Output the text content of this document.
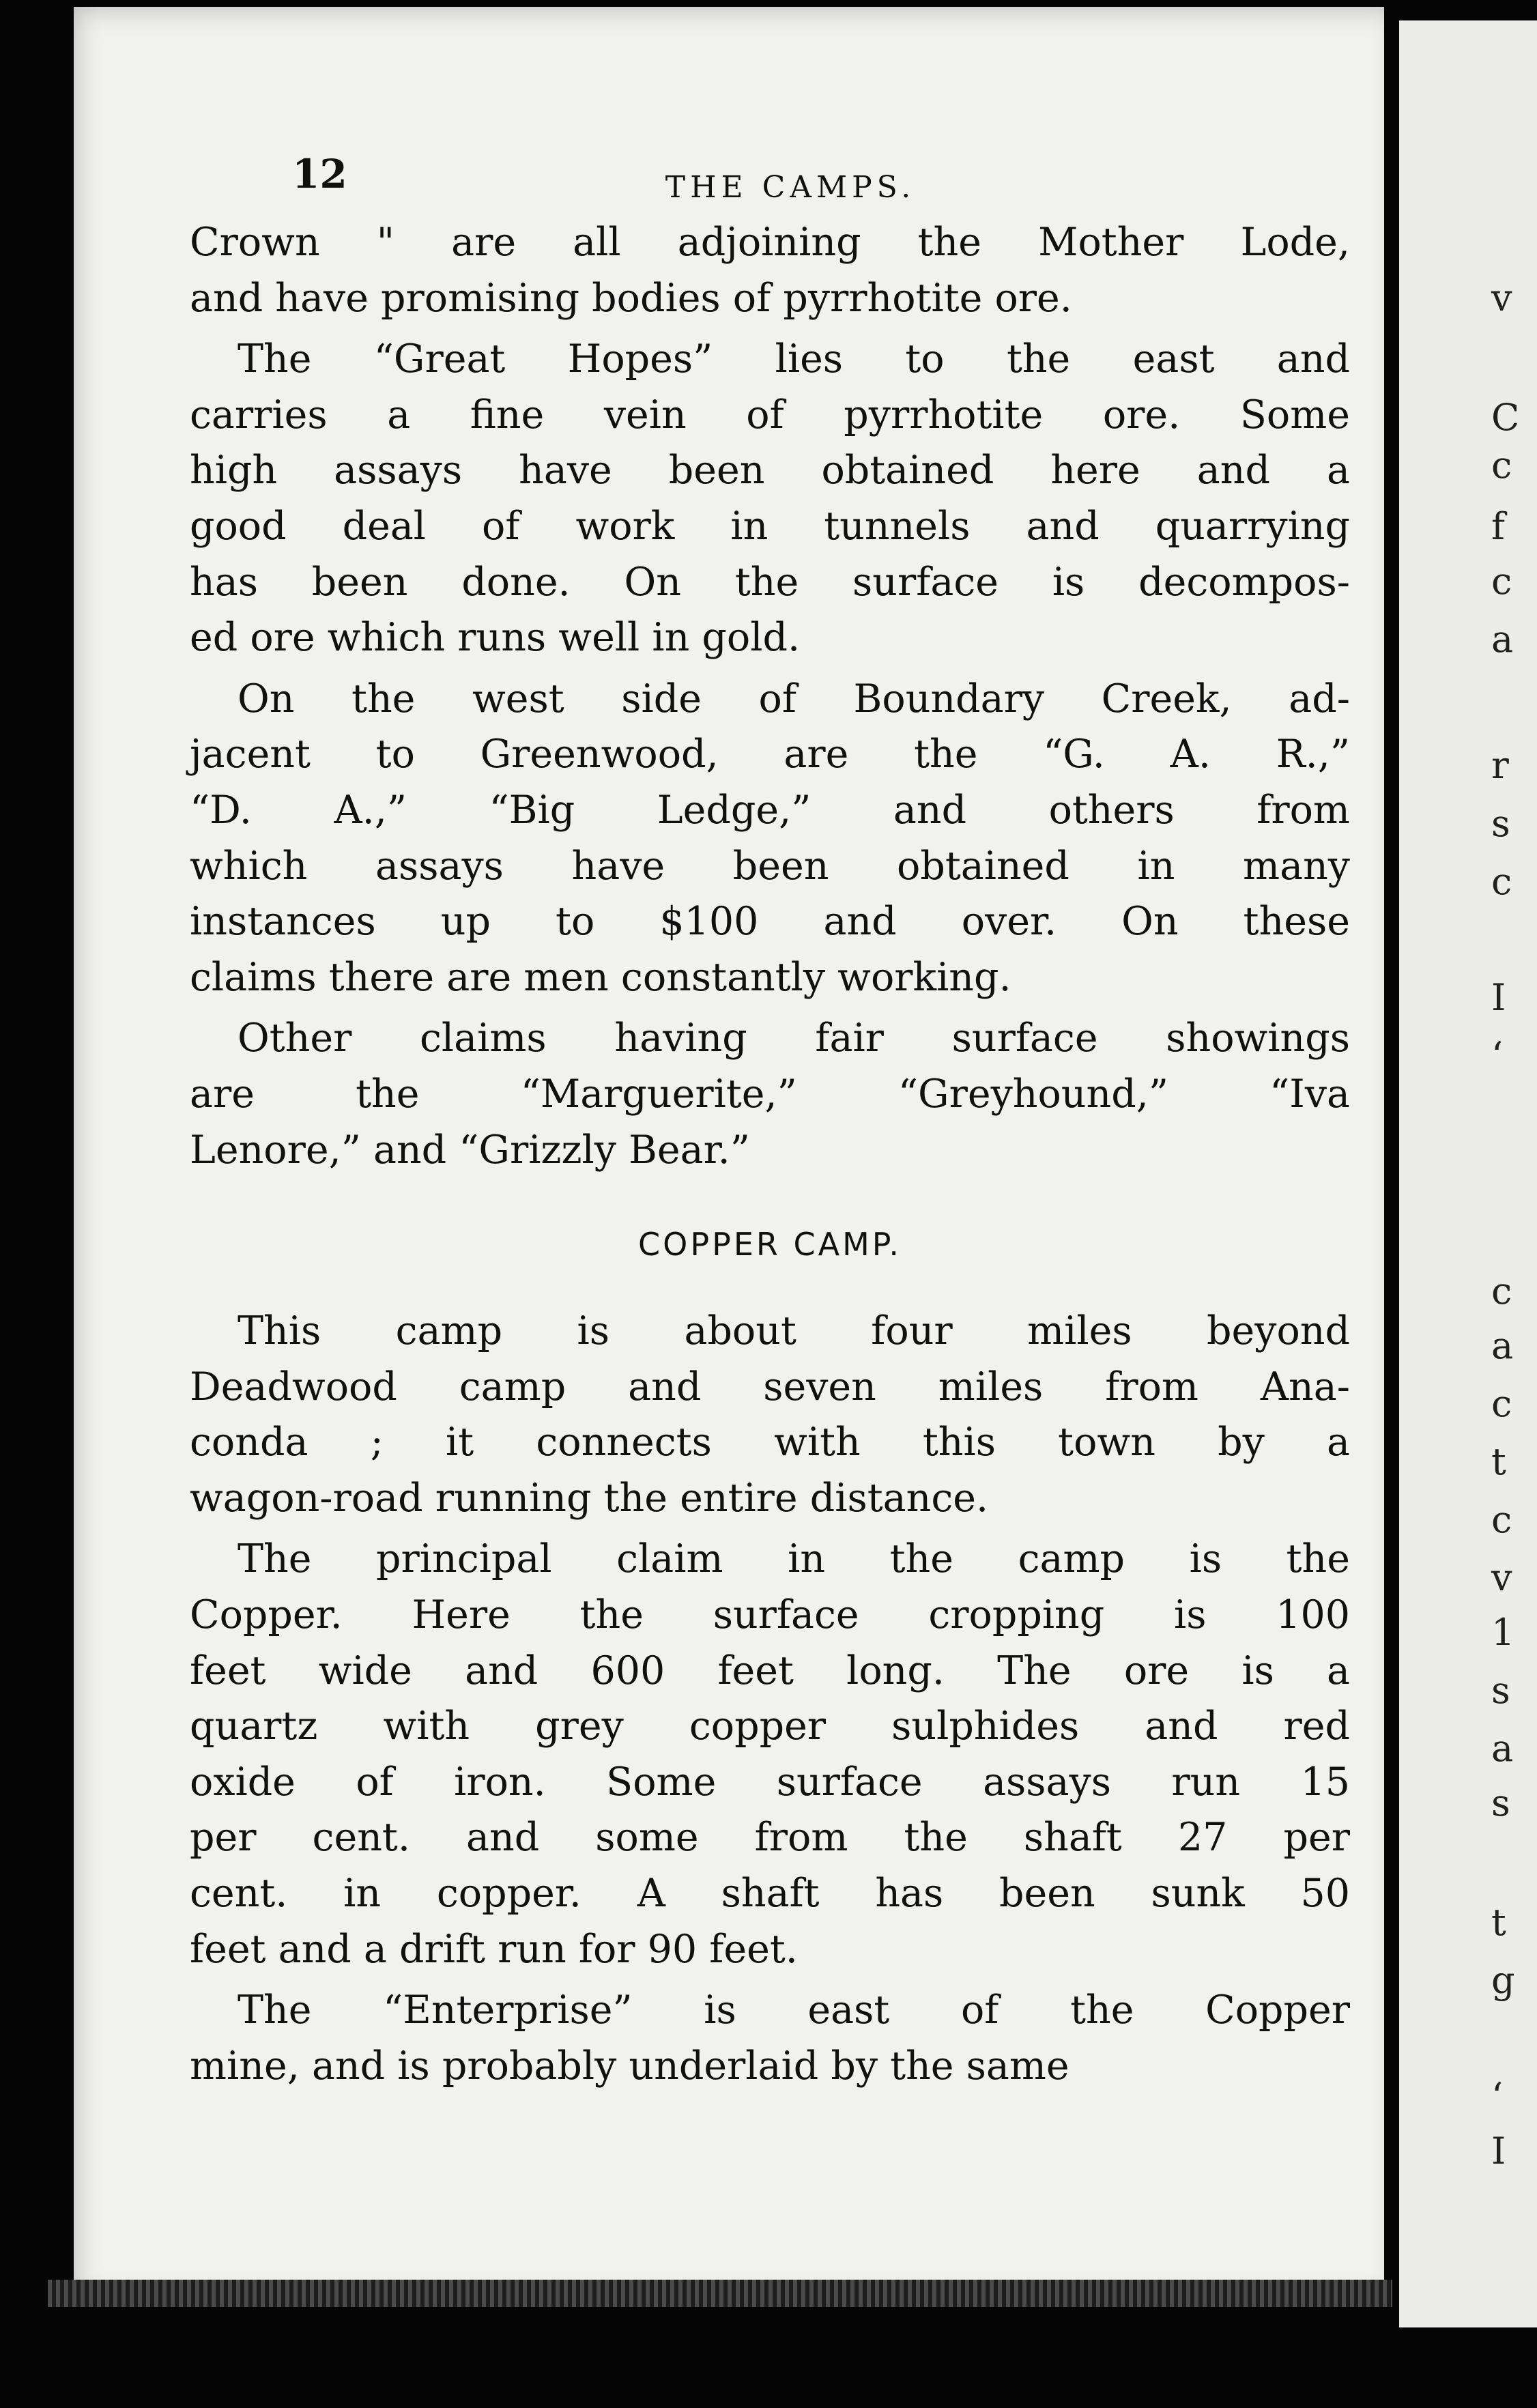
12	THE CAMPS.

Crown " are all adjoining the Mother Lode,
and have promising bodies of pyrrhotite ore.

The “Great Hopes” lies to the east and
carries a fine vein of pyrrhotite ore. Some
high assays have been obtained here and a
good deal of work in tunnels and quarrying
has been done. On the surface is decompos-
ed ore which runs well in gold.

On the west side of Boundary Creek, ad-
jacent to Greenwood, are the “G. A. R.,”
“D. A.,” “Big Ledge,” and others from
which assays have been obtained in many
instances up to $100 and over. On these
claims there are men constantly working.

Other claims having fair surface showings
are the “Marguerite,” “Greyhound,” “Iva
Lenore,” and “Grizzly Bear.”

COPPER CAMP.

This camp is about four miles beyond
Deadwood camp and seven miles from Ana-
conda ; it connects with this town by a
wagon-road running the entire distance.

The principal claim in the camp is the
Copper. Here the surface cropping is 100
feet wide and 600 feet long. The ore is a
quartz with grey copper sulphides and red
oxide of iron. Some surface assays run 15
per cent. and some from the shaft 27 per
cent. in copper. A shaft has been sunk 50
feet and a drift run for 90 feet.

The “Enterprise” is east of the Copper
mine, and is probably underlaid by the same

v
C
c
f
c
a
r
s
c
I
‘
c
a
c
t
c
v
1
s
a
s
t
g
‘
I
